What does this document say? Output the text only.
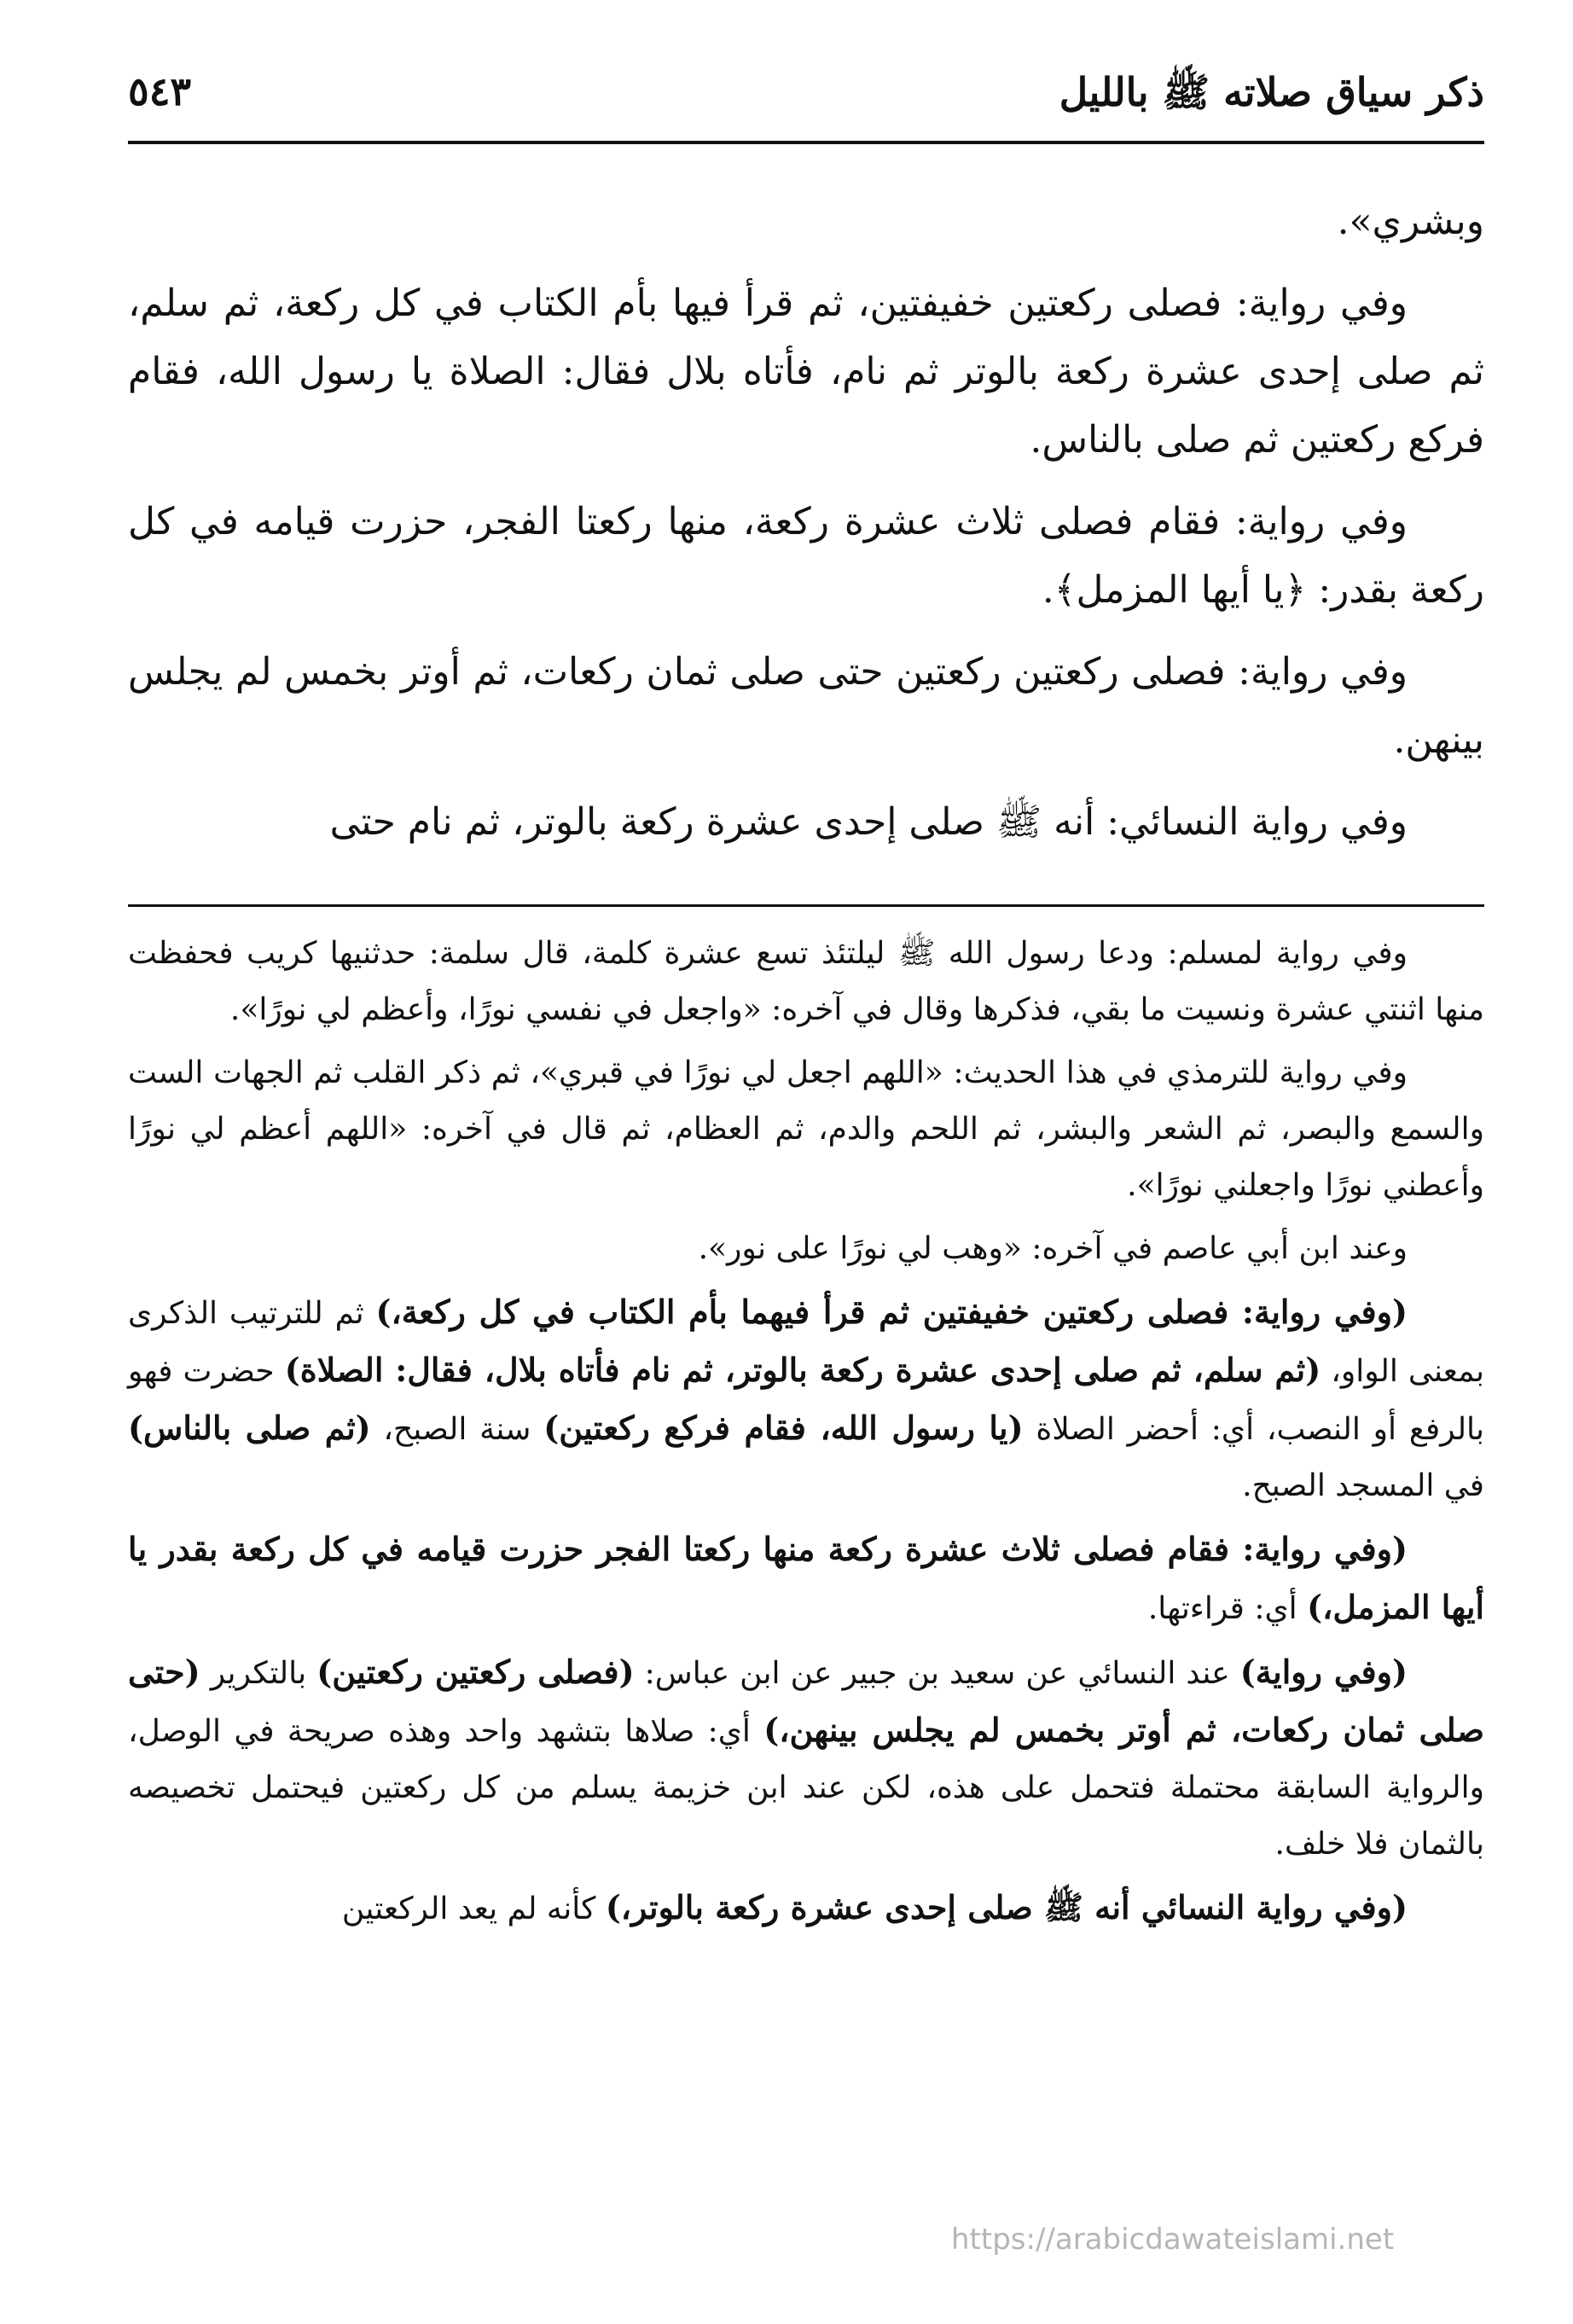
ذكر سياق صلاته ﷺ بالليل
٥٤٣

وبشري».

وفي رواية: فصلى ركعتين خفيفتين، ثم قرأ فيها بأم الكتاب في كل ركعة، ثم سلم، ثم صلى إحدى عشرة ركعة بالوتر ثم نام، فأتاه بلال فقال: الصلاة يا رسول الله، فقام فركع ركعتين ثم صلى بالناس.

وفي رواية: فقام فصلى ثلاث عشرة ركعة، منها ركعتا الفجر، حزرت قيامه في كل ركعة بقدر: ﴿يا أيها المزمل﴾.

وفي رواية: فصلى ركعتين ركعتين حتى صلى ثمان ركعات، ثم أوتر بخمس لم يجلس بينهن.

وفي رواية النسائي: أنه ﷺ صلى إحدى عشرة ركعة بالوتر، ثم نام حتى

وفي رواية لمسلم: ودعا رسول الله ﷺ ليلتئذ تسع عشرة كلمة، قال سلمة: حدثنيها كريب فحفظت منها اثنتي عشرة ونسيت ما بقي، فذكرها وقال في آخره: «واجعل في نفسي نورًا، وأعظم لي نورًا».

وفي رواية للترمذي في هذا الحديث: «اللهم اجعل لي نورًا في قبري»، ثم ذكر القلب ثم الجهات الست والسمع والبصر، ثم الشعر والبشر، ثم اللحم والدم، ثم العظام، ثم قال في آخره: «اللهم أعظم لي نورًا وأعطني نورًا واجعلني نورًا».

وعند ابن أبي عاصم في آخره: «وهب لي نورًا على نور».

(وفي رواية: فصلى ركعتين خفيفتين ثم قرأ فيهما بأم الكتاب في كل ركعة،) ثم للترتيب الذكرى بمعنى الواو، (ثم سلم، ثم صلى إحدى عشرة ركعة بالوتر، ثم نام فأتاه بلال، فقال: الصلاة) حضرت فهو بالرفع أو النصب، أي: أحضر الصلاة (يا رسول الله، فقام فركع ركعتين) سنة الصبح، (ثم صلى بالناس) في المسجد الصبح.

(وفي رواية: فقام فصلى ثلاث عشرة ركعة منها ركعتا الفجر حزرت قيامه في كل ركعة بقدر يا أيها المزمل،) أي: قراءتها.

(وفي رواية) عند النسائي عن سعيد بن جبير عن ابن عباس: (فصلى ركعتين ركعتين) بالتكرير (حتى صلى ثمان ركعات، ثم أوتر بخمس لم يجلس بينهن،) أي: صلاها بتشهد واحد وهذه صريحة في الوصل، والرواية السابقة محتملة فتحمل على هذه، لكن عند ابن خزيمة يسلم من كل ركعتين فيحتمل تخصيصه بالثمان فلا خلف.

(وفي رواية النسائي أنه ﷺ صلى إحدى عشرة ركعة بالوتر،) كأنه لم يعد الركعتين

https://arabicdawateislami.net
